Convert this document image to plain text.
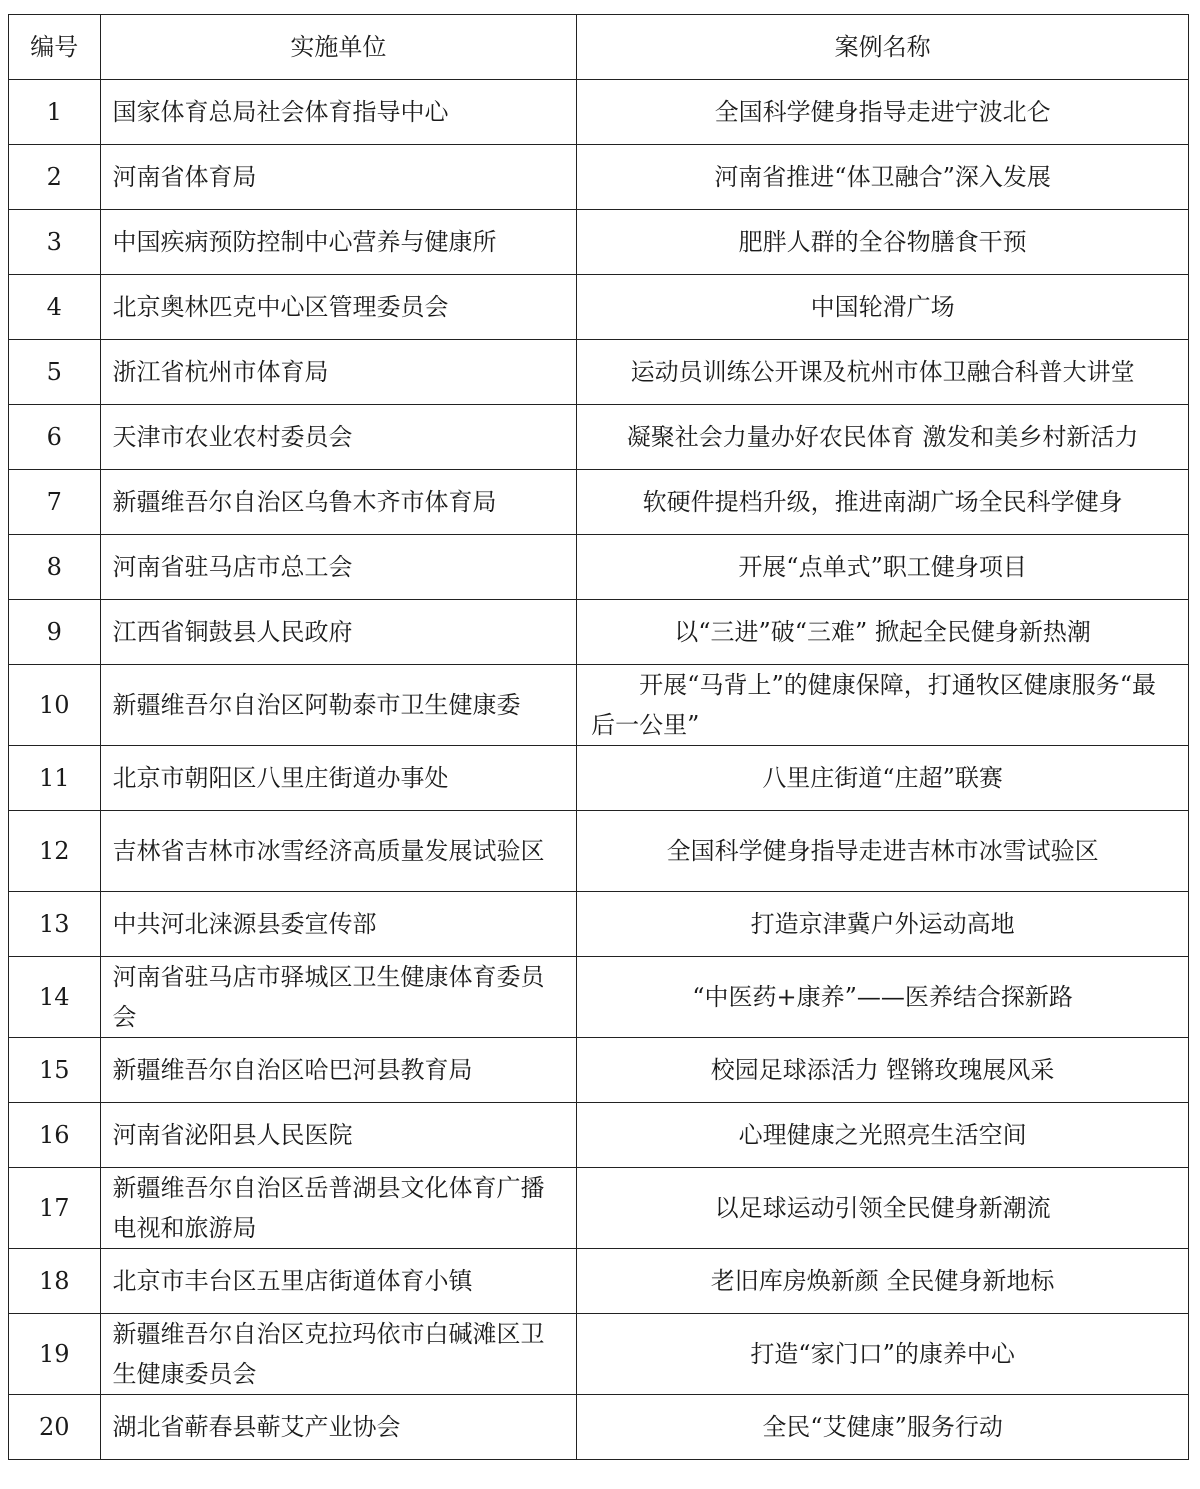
编号	实施单位	案例名称
1	国家体育总局社会体育指导中心	全国科学健身指导走进宁波北仑
2	河南省体育局	河南省推进“体卫融合”深入发展
3	中国疾病预防控制中心营养与健康所	肥胖人群的全谷物膳食干预
4	北京奥林匹克中心区管理委员会	中国轮滑广场
5	浙江省杭州市体育局	运动员训练公开课及杭州市体卫融合科普大讲堂
6	天津市农业农村委员会	凝聚社会力量办好农民体育 激发和美乡村新活力
7	新疆维吾尔自治区乌鲁木齐市体育局	软硬件提档升级，推进南湖广场全民科学健身
8	河南省驻马店市总工会	开展“点单式”职工健身项目
9	江西省铜鼓县人民政府	以“三进”破“三难” 掀起全民健身新热潮
10	新疆维吾尔自治区阿勒泰市卫生健康委	开展“马背上”的健康保障，打通牧区健康服务“最后一公里”
11	北京市朝阳区八里庄街道办事处	八里庄街道“庄超”联赛
12	吉林省吉林市冰雪经济高质量发展试验区	全国科学健身指导走进吉林市冰雪试验区
13	中共河北涞源县委宣传部	打造京津冀户外运动高地
14	河南省驻马店市驿城区卫生健康体育委员会	“中医药+康养”——医养结合探新路
15	新疆维吾尔自治区哈巴河县教育局	校园足球添活力 铿锵玫瑰展风采
16	河南省泌阳县人民医院	心理健康之光照亮生活空间
17	新疆维吾尔自治区岳普湖县文化体育广播电视和旅游局	以足球运动引领全民健身新潮流
18	北京市丰台区五里店街道体育小镇	老旧库房焕新颜 全民健身新地标
19	新疆维吾尔自治区克拉玛依市白碱滩区卫生健康委员会	打造“家门口”的康养中心
20	湖北省蕲春县蕲艾产业协会	全民“艾健康”服务行动
